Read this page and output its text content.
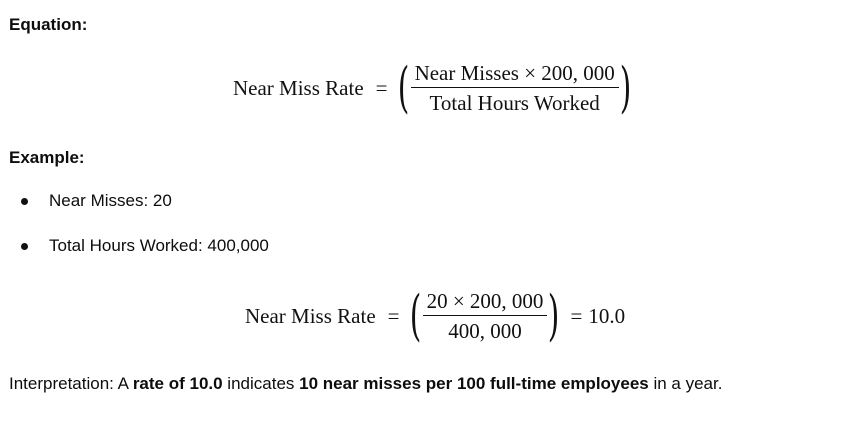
Equation:
Near Miss Rate = ( $\frac{\text{Near Misses × 200, 000}}{\text{Total Hours Worked}}$ )
Example:
Near Misses: 20
Total Hours Worked: 400,000
Near Miss Rate = ( $\frac{20 \times 200, 000}{400, 000}$ ) = 10.0
Interpretation: A rate of 10.0 indicates 10 near misses per 100 full-time employees in a year.
